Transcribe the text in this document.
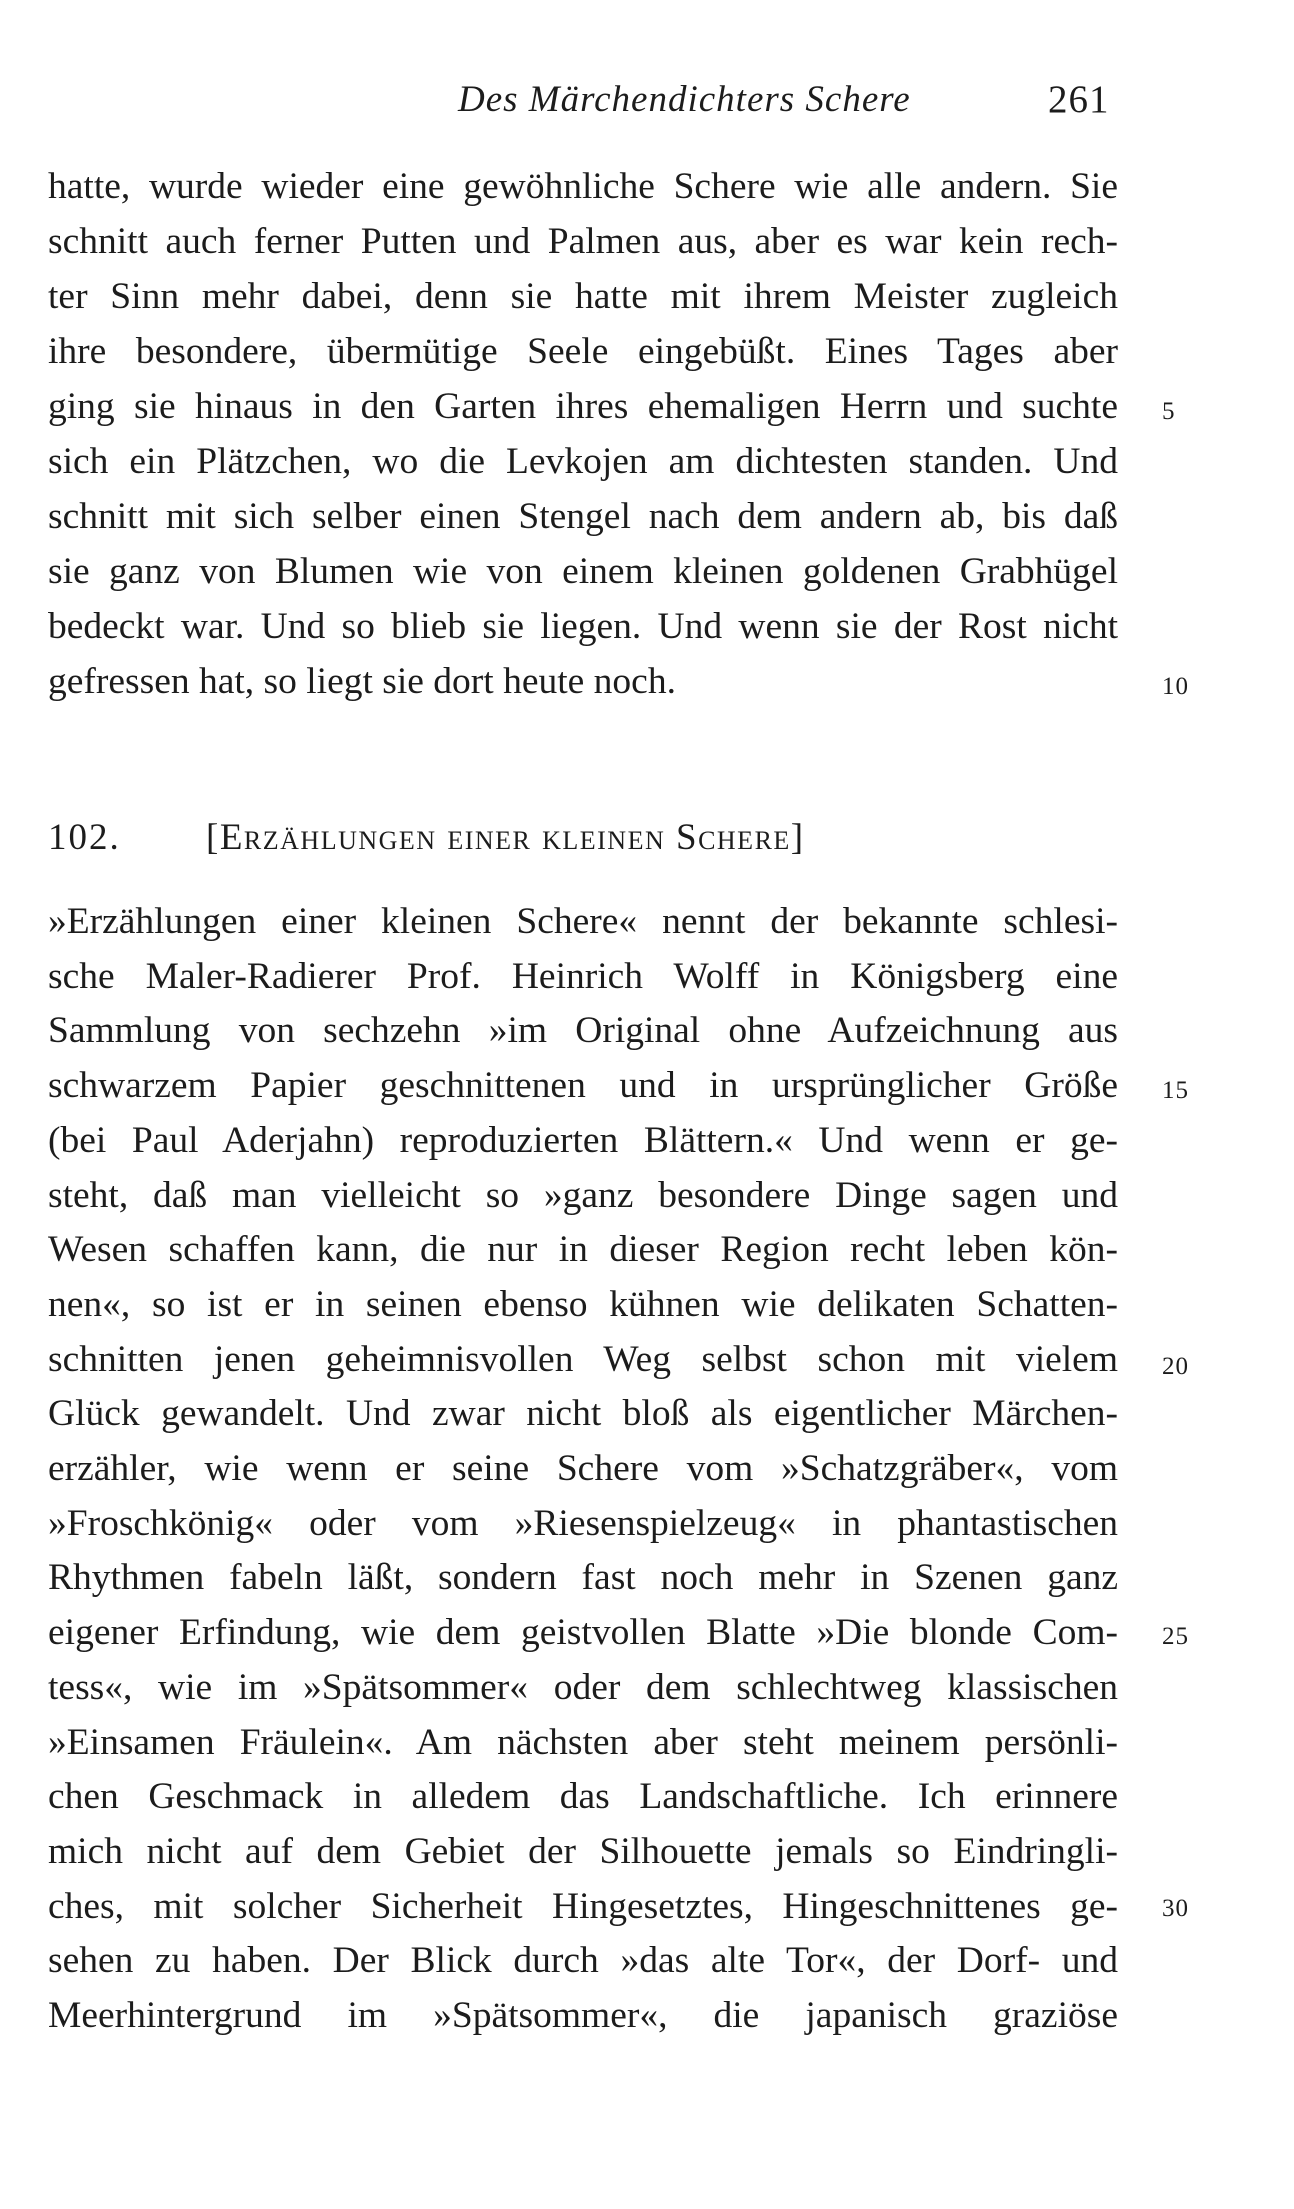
Des Märchendichters Schere	261
hatte, wurde wieder eine gewöhnliche Schere wie alle andern. Sie
schnitt auch ferner Putten und Palmen aus, aber es war kein rech-
ter Sinn mehr dabei, denn sie hatte mit ihrem Meister zugleich
ihre besondere, übermütige Seele eingebüßt. Eines Tages aber
ging sie hinaus in den Garten ihres ehemaligen Herrn und suchte
sich ein Plätzchen, wo die Levkojen am dichtesten standen. Und
schnitt mit sich selber einen Stengel nach dem andern ab, bis daß
sie ganz von Blumen wie von einem kleinen goldenen Grabhügel
bedeckt war. Und so blieb sie liegen. Und wenn sie der Rost nicht
gefressen hat, so liegt sie dort heute noch.
102. [Erzählungen einer kleinen Schere]
»Erzählungen einer kleinen Schere« nennt der bekannte schlesi-
sche Maler-Radierer Prof. Heinrich Wolff in Königsberg eine
Sammlung von sechzehn »im Original ohne Aufzeichnung aus
schwarzem Papier geschnittenen und in ursprünglicher Größe
(bei Paul Aderjahn) reproduzierten Blättern.« Und wenn er ge-
steht, daß man vielleicht so »ganz besondere Dinge sagen und
Wesen schaffen kann, die nur in dieser Region recht leben kön-
nen«, so ist er in seinen ebenso kühnen wie delikaten Schatten-
schnitten jenen geheimnisvollen Weg selbst schon mit vielem
Glück gewandelt. Und zwar nicht bloß als eigentlicher Märchen-
erzähler, wie wenn er seine Schere vom »Schatzgräber«, vom
»Froschkönig« oder vom »Riesenspielzeug« in phantastischen
Rhythmen fabeln läßt, sondern fast noch mehr in Szenen ganz
eigener Erfindung, wie dem geistvollen Blatte »Die blonde Com-
tess«, wie im »Spätsommer« oder dem schlechtweg klassischen
»Einsamen Fräulein«. Am nächsten aber steht meinem persönli-
chen Geschmack in alledem das Landschaftliche. Ich erinnere
mich nicht auf dem Gebiet der Silhouette jemals so Eindringli-
ches, mit solcher Sicherheit Hingesetztes, Hingeschnittenes ge-
sehen zu haben. Der Blick durch »das alte Tor«, der Dorf- und
Meerhintergrund im »Spätsommer«, die japanisch graziöse
5
10
15
20
25
30
